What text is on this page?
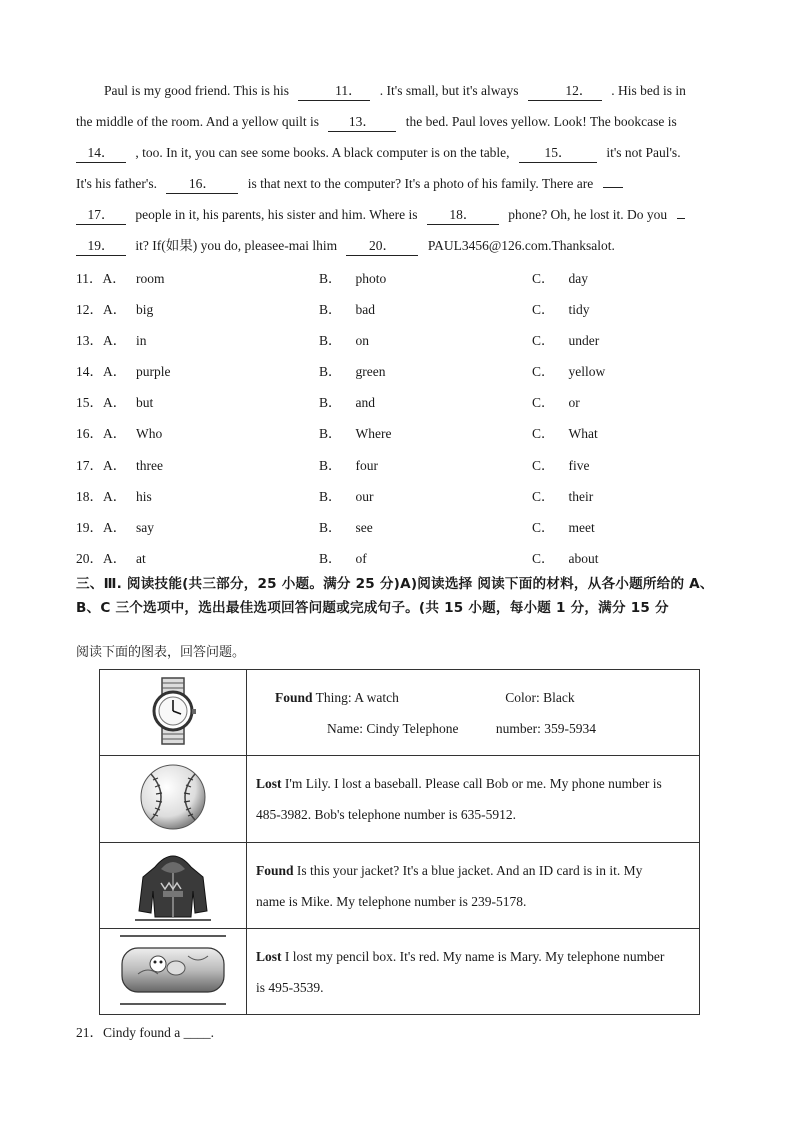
Paul is my good friend. This is his	11． . It's small, but it's always	12． . His bed is in
the middle of the room. And a yellow quilt is 13． the bed. Paul loves yellow. Look! The bookcase is
14． , too. In it, you can see some books. A black computer is on the table,	15．	it's not Paul's.
It's his father's. 16． is that next to the computer? It's a photo of his family. There are
17． people in it, his parents, his sister and him. Where is 18． phone? Oh, he lost it. Do you
19． it? If(如果) you do, pleasee-mai lhim 20． PAUL3456@126.com.Thanksalot.
11．A． room	B． photo	C． day
12．A． big	B． bad	C． tidy
13．A． in	B． on	C． under
14．A． purple	B． green	C． yellow
15．A． but	B． and	C． or
16．A． Who	B． Where	C． What
17．A． three	B． four	C． five
18．A． his	B． our	C． their
19．A． say	B． see	C． meet
20．A． at	B． of	C． about
三、Ⅲ. 阅读技能(共三部分，25 小题。满分 25 分)A)阅读选择 阅读下面的材料，从各小题所给的 A、B、C 三个选项中，选出最佳选项回答问题或完成句子。(共 15 小题，每小题 1 分，满分 15 分
阅读下面的图表，回答问题。

Found Thing: A watch Color: Black
Name: Cindy Telephone number: 359-5934

Lost I'm Lily. I lost a baseball. Please call Bob or me. My phone number is
485-3982. Bob's telephone number is 635-5912.

Found Is this your jacket? It's a blue jacket. And an ID card is in it. My
name is Mike. My telephone number is 239-5178.

Lost I lost my pencil box. It's red. My name is Mary. My telephone number
is 495-3539.
21．Cindy found a ____.
